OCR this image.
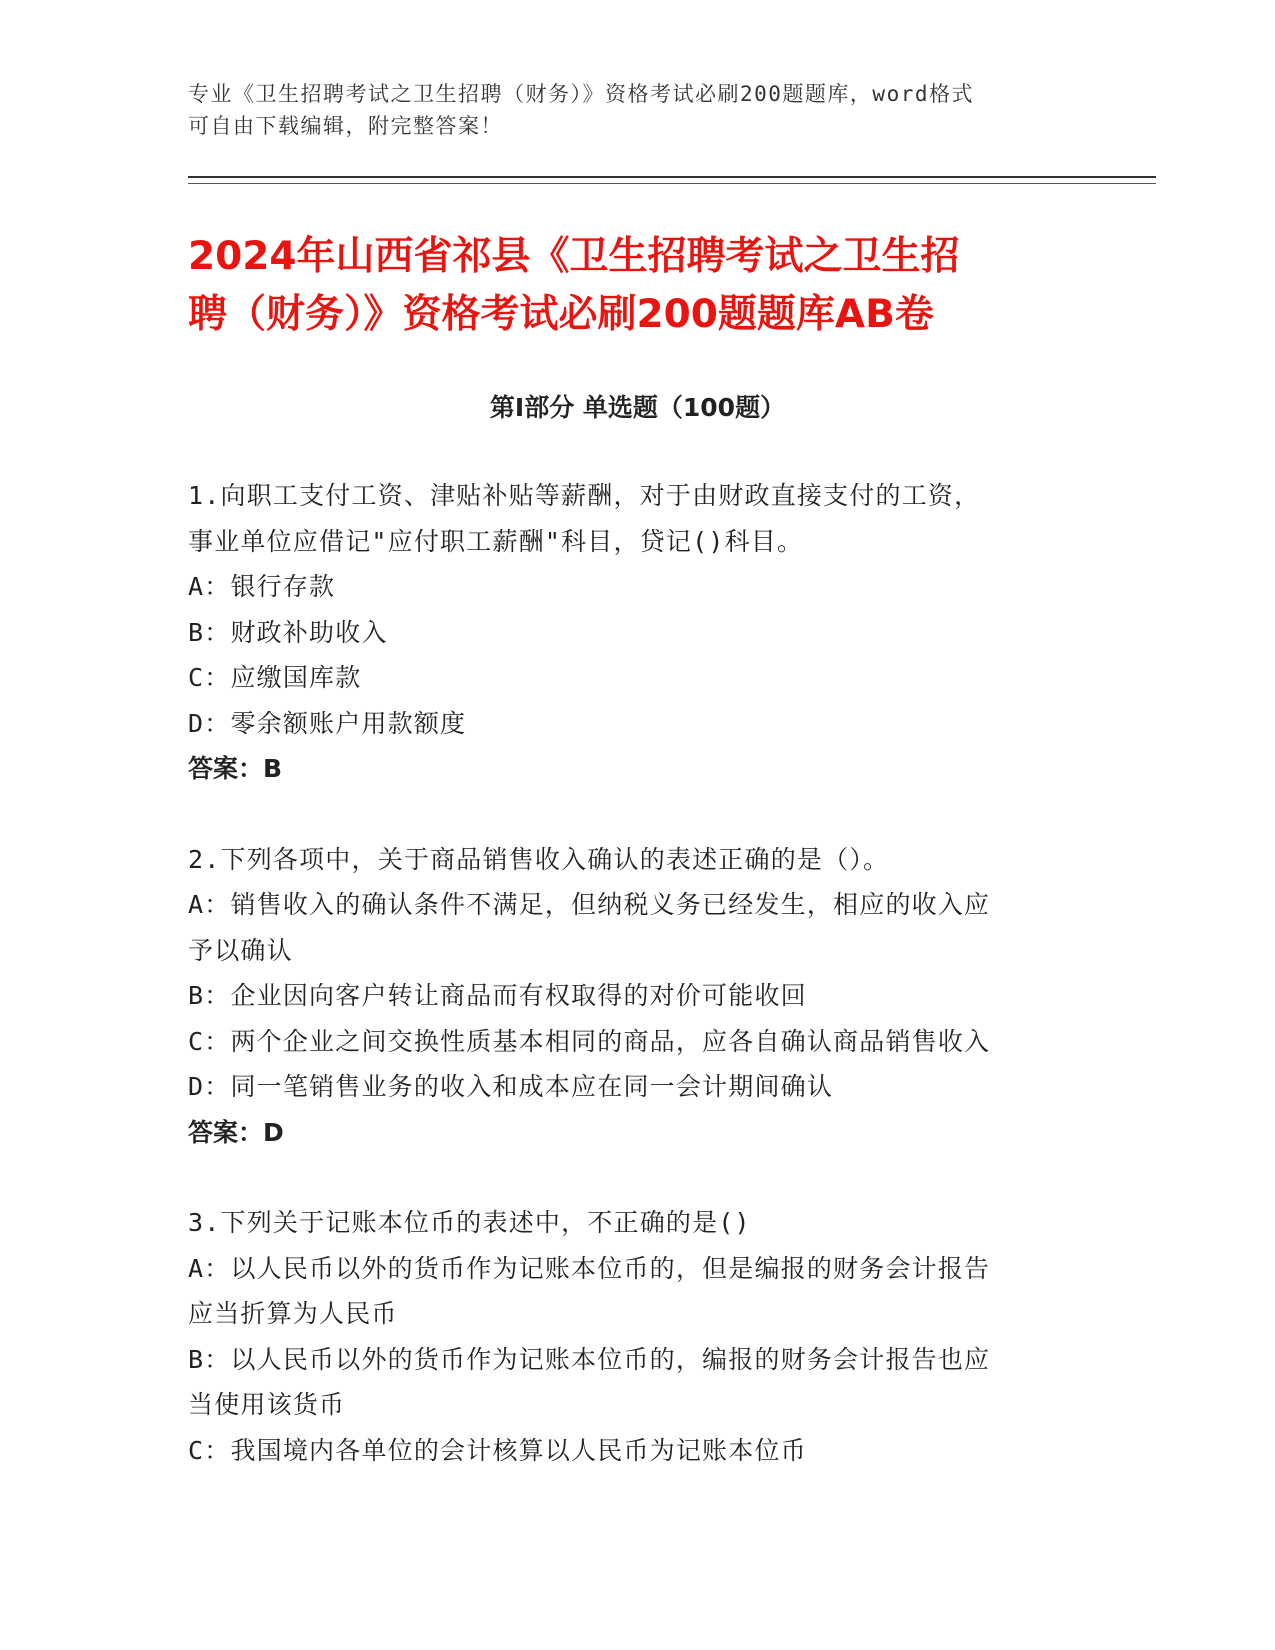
专业《卫生招聘考试之卫生招聘（财务）》资格考试必刷200题题库，word格式
可自由下载编辑，附完整答案！
2024年山西省祁县《卫生招聘考试之卫生招
聘（财务）》资格考试必刷200题题库AB卷
第I部分 单选题（100题）

1.向职工支付工资、津贴补贴等薪酬，对于由财政直接支付的工资，

事业单位应借记"应付职工薪酬"科目，贷记()科目。

A：银行存款

B：财政补助收入

C：应缴国库款

D：零余额账户用款额度

答案：B

2.下列各项中，关于商品销售收入确认的表述正确的是（）。

A：销售收入的确认条件不满足，但纳税义务已经发生，相应的收入应

予以确认

B：企业因向客户转让商品而有权取得的对价可能收回

C：两个企业之间交换性质基本相同的商品，应各自确认商品销售收入

D：同一笔销售业务的收入和成本应在同一会计期间确认

答案：D

3.下列关于记账本位币的表述中，不正确的是()

A：以人民币以外的货币作为记账本位币的，但是编报的财务会计报告

应当折算为人民币

B：以人民币以外的货币作为记账本位币的，编报的财务会计报告也应

当使用该货币

C：我国境内各单位的会计核算以人民币为记账本位币
